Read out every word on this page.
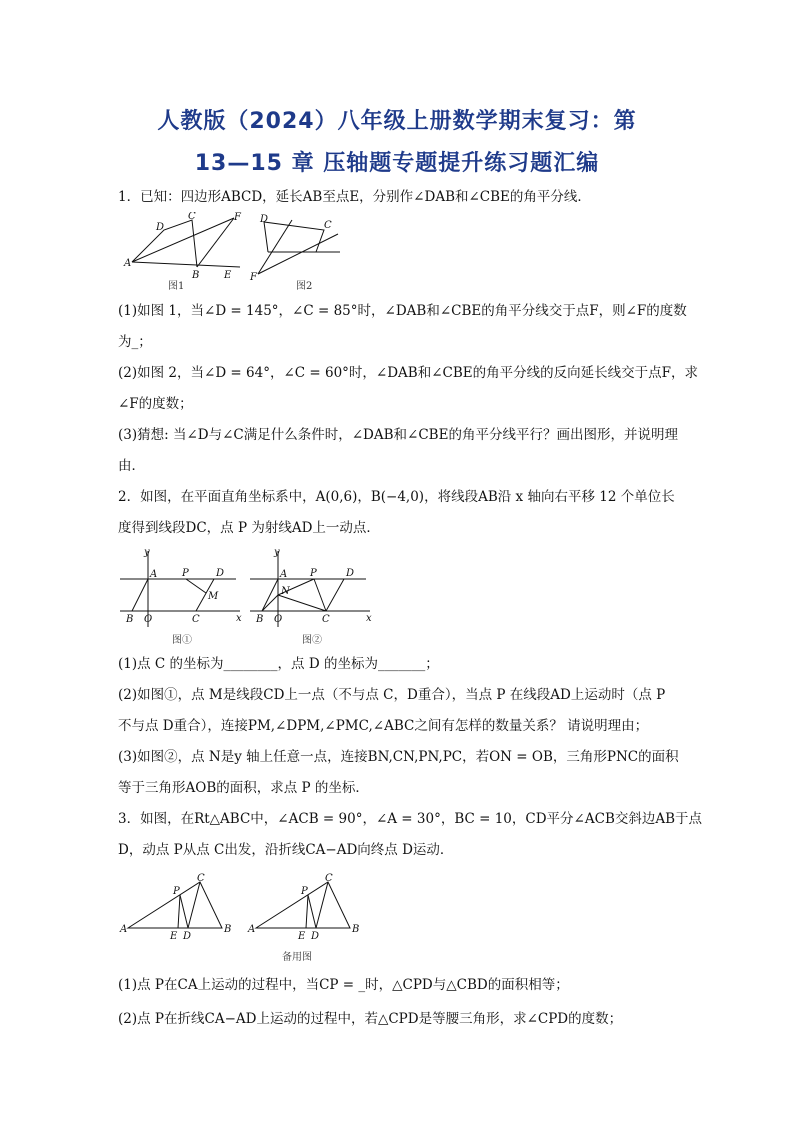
人教版（2024）八年级上册数学期末复习：第
13—15 章 压轴题专题提升练习题汇编
1．已知：四边形ABCD，延长AB至点E，分别作∠DAB和∠CBE的角平分线．
A
D
C	F
B E
图1
D
C
F
图2
(1)如图 1，当∠D = 145°，∠C = 85°时，∠DAB和∠CBE的角平分线交于点F，则∠F的度数
为_；
(2)如图 2，当∠D = 64°，∠C = 60°时，∠DAB和∠CBE的角平分线的反向延长线交于点F，求
∠F的度数；
(3)猜想: 当∠D与∠C满足什么条件时，∠DAB和∠CBE的角平分线平行？画出图形，并说明理
由．
2．如图，在平面直角坐标系中，A(0,6)，B(−4,0)，将线段AB沿 x 轴向右平移 12 个单位长
度得到线段DC，点 P 为射线AD上一动点．
y
x
A P	D
M
B O	C
图①
y
x
A P	D
N
B O	C
图②
(1)点 C 的坐标为________，点 D 的坐标为_______；
(2)如图①，点 M是线段CD上一点（不与点 C，D重合），当点 P 在线段AD上运动时（点 P
不与点 D重合），连接PM,∠DPM,∠PMC,∠ABC之间有怎样的数量关系？ 请说明理由；
(3)如图②，点 N是y 轴上任意一点，连接BN,CN,PN,PC，若ON = OB，三角形PNC的面积
等于三角形AOB的面积，求点 P 的坐标．
3．如图，在Rt△ABC中，∠ACB = 90°，∠A = 30°，BC = 10，CD平分∠ACB交斜边AB于点
D，动点 P从点 C出发，沿折线CA−AD向终点 D运动．
A
C
P
E D
B A
C
P
E D
B
备用图
(1)点 P在CA上运动的过程中，当CP = _时，△CPD与△CBD的面积相等；
(2)点 P在折线CA−AD上运动的过程中，若△CPD是等腰三角形，求∠CPD的度数；
